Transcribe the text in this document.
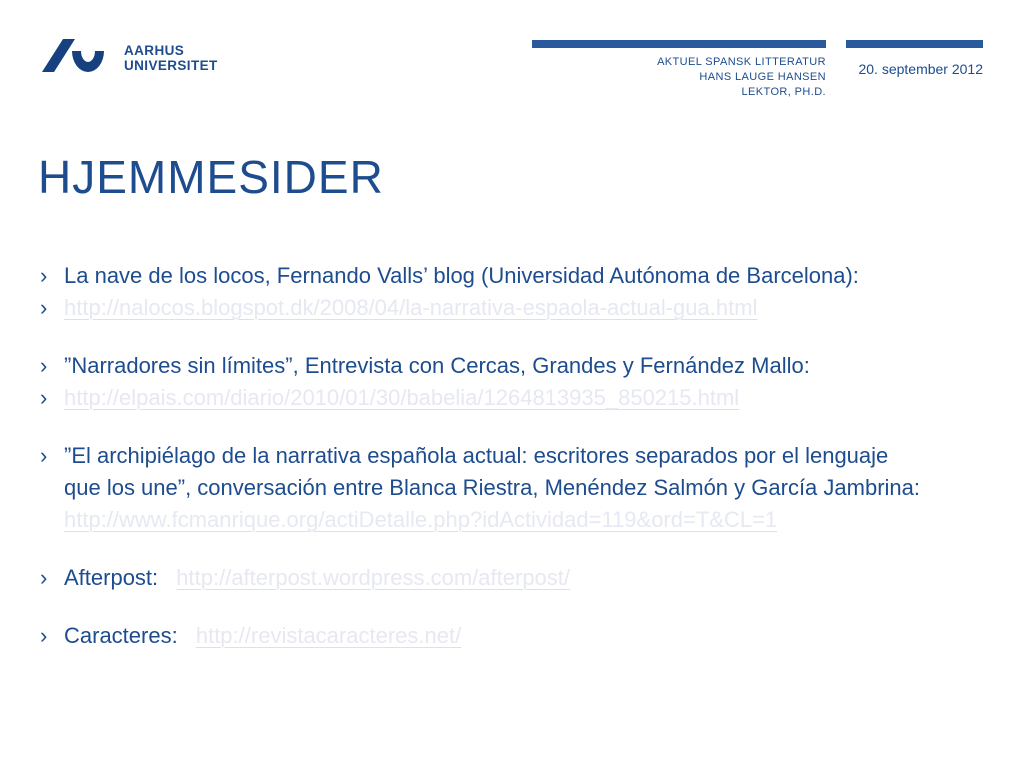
AARHUS
UNIVERSITET	AKTUEL SPANSK LITTERATUR
HANS LAUGE HANSEN
LEKTOR, PH.D.
20. september 2012
HJEMMESIDER
› La nave de los locos, Fernando Valls’ blog (Universidad Autónoma de Barcelona):
› http://nalocos.blogspot.dk/2008/04/la-narrativa-espaola-actual-gua.html
› ”Narradores sin límites”, Entrevista con Cercas, Grandes y Fernández Mallo:
› http://elpais.com/diario/2010/01/30/babelia/1264813935_850215.html
› ”El archipiélago de la narrativa española actual: escritores separados por el lenguaje que los une”, conversación entre Blanca Riestra, Menéndez Salmón y García Jambrina:
http://www.fcmanrique.org/actiDetalle.php?idActividad=119&ord=T&CL=1
› Afterpost: http://afterpost.wordpress.com/afterpost/
› Caracteres: http://revistacaracteres.net/
